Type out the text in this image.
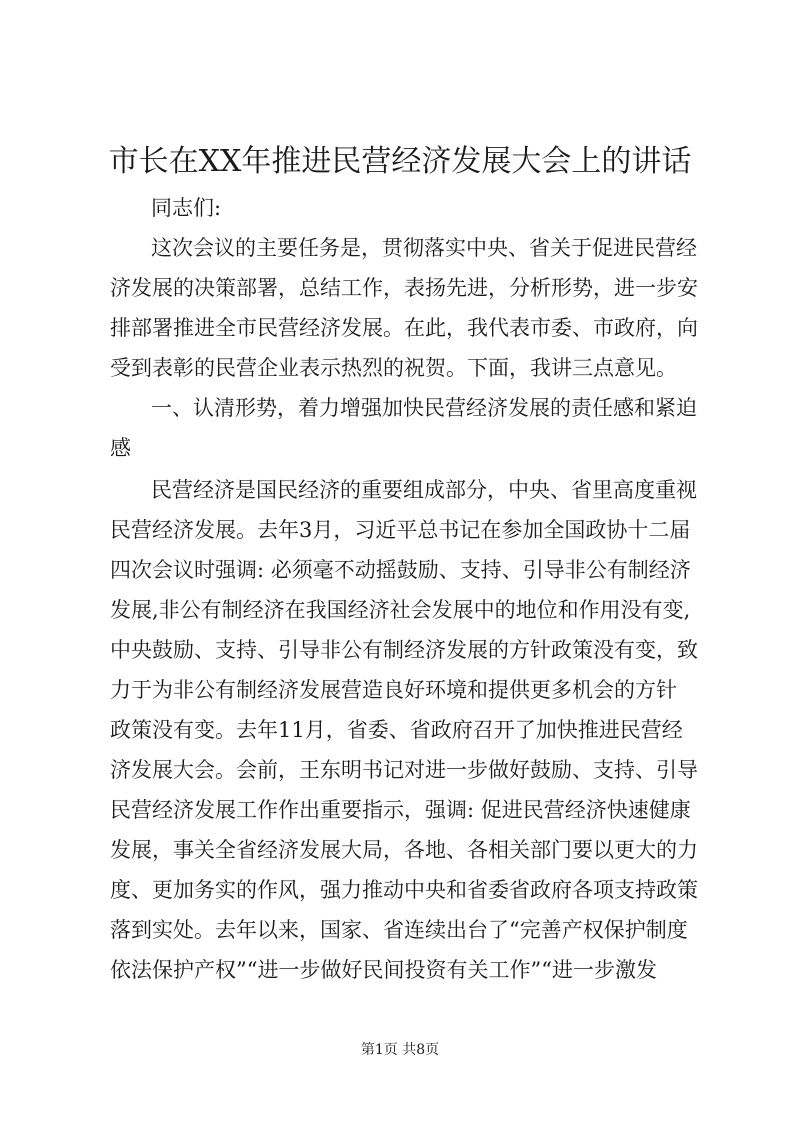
市长在XX年推进民营经济发展大会上的讲话
同志们:
这次会议的主要任务是，贯彻落实中央、省关于促进民营经
济发展的决策部署，总结工作，表扬先进，分析形势，进一步安
排部署推进全市民营经济发展。在此，我代表市委、市政府，向
受到表彰的民营企业表示热烈的祝贺。下面，我讲三点意见。
一、认清形势，着力增强加快民营经济发展的责任感和紧迫
感
民营经济是国民经济的重要组成部分，中央、省里高度重视
民营经济发展。去年3月，习近平总书记在参加全国政协十二届
四次会议时强调: 必须毫不动摇鼓励、支持、引导非公有制经济
发展,非公有制经济在我国经济社会发展中的地位和作用没有变,
中央鼓励、支持、引导非公有制经济发展的方针政策没有变，致
力于为非公有制经济发展营造良好环境和提供更多机会的方针
政策没有变。去年11月，省委、省政府召开了加快推进民营经
济发展大会。会前，王东明书记对进一步做好鼓励、支持、引导
民营经济发展工作作出重要指示，强调: 促进民营经济快速健康
发展，事关全省经济发展大局，各地、各相关部门要以更大的力
度、更加务实的作风，强力推动中央和省委省政府各项支持政策
落到实处。去年以来，国家、省连续出台了“完善产权保护制度
依法保护产权”“进一步做好民间投资有关工作”“进一步激发
第1页 共8页
